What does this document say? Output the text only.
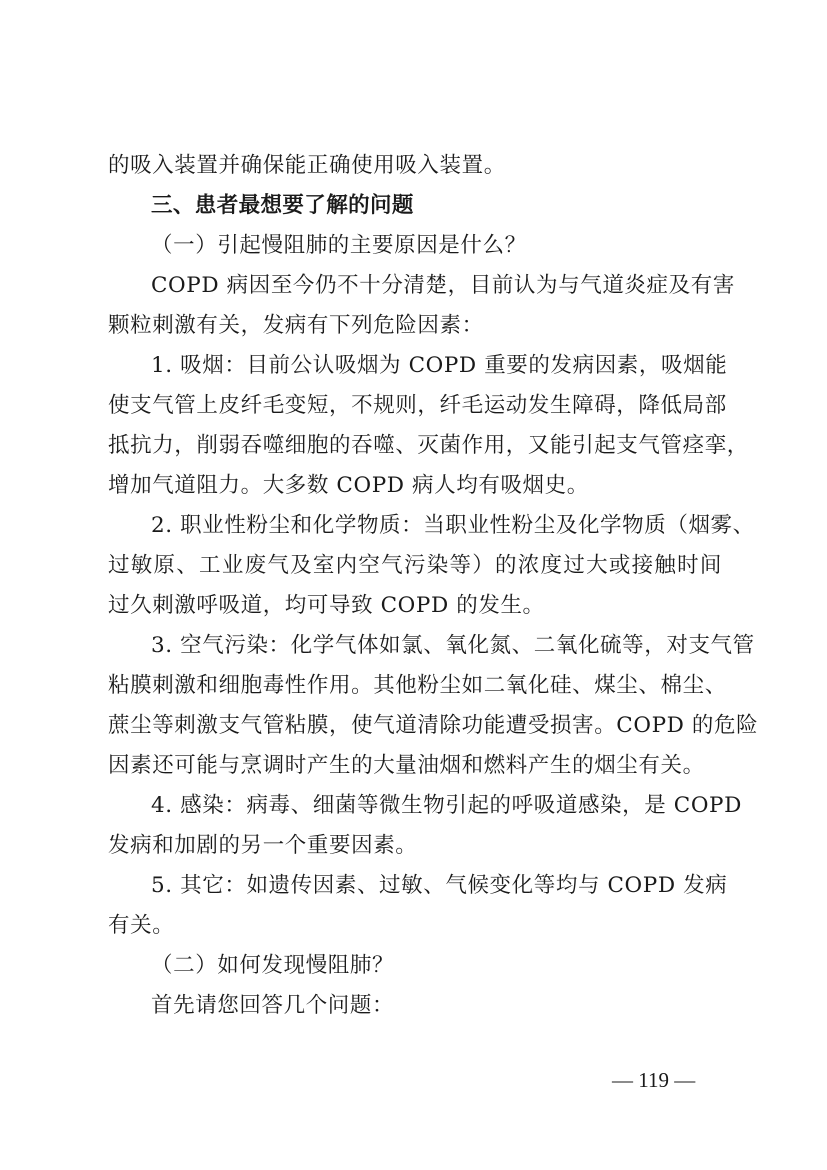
的吸入装置并确保能正确使用吸入装置。
三、患者最想要了解的问题
（一）引起慢阻肺的主要原因是什么？
COPD 病因至今仍不十分清楚，目前认为与气道炎症及有害
颗粒刺激有关，发病有下列危险因素：
1. 吸烟：目前公认吸烟为 COPD 重要的发病因素，吸烟能
使支气管上皮纤毛变短，不规则，纤毛运动发生障碍，降低局部
抵抗力，削弱吞噬细胞的吞噬、灭菌作用，又能引起支气管痉挛，
增加气道阻力。大多数 COPD 病人均有吸烟史。
2. 职业性粉尘和化学物质：当职业性粉尘及化学物质（烟雾、
过敏原、工业废气及室内空气污染等）的浓度过大或接触时间
过久刺激呼吸道，均可导致 COPD 的发生。
3. 空气污染：化学气体如氯、氧化氮、二氧化硫等，对支气管
粘膜刺激和细胞毒性作用。其他粉尘如二氧化硅、煤尘、棉尘、
蔗尘等刺激支气管粘膜，使气道清除功能遭受损害。COPD 的危险
因素还可能与烹调时产生的大量油烟和燃料产生的烟尘有关。
4. 感染：病毒、细菌等微生物引起的呼吸道感染，是 COPD
发病和加剧的另一个重要因素。
5. 其它：如遗传因素、过敏、气候变化等均与 COPD 发病
有关。
（二）如何发现慢阻肺？
首先请您回答几个问题：
— 119 —
